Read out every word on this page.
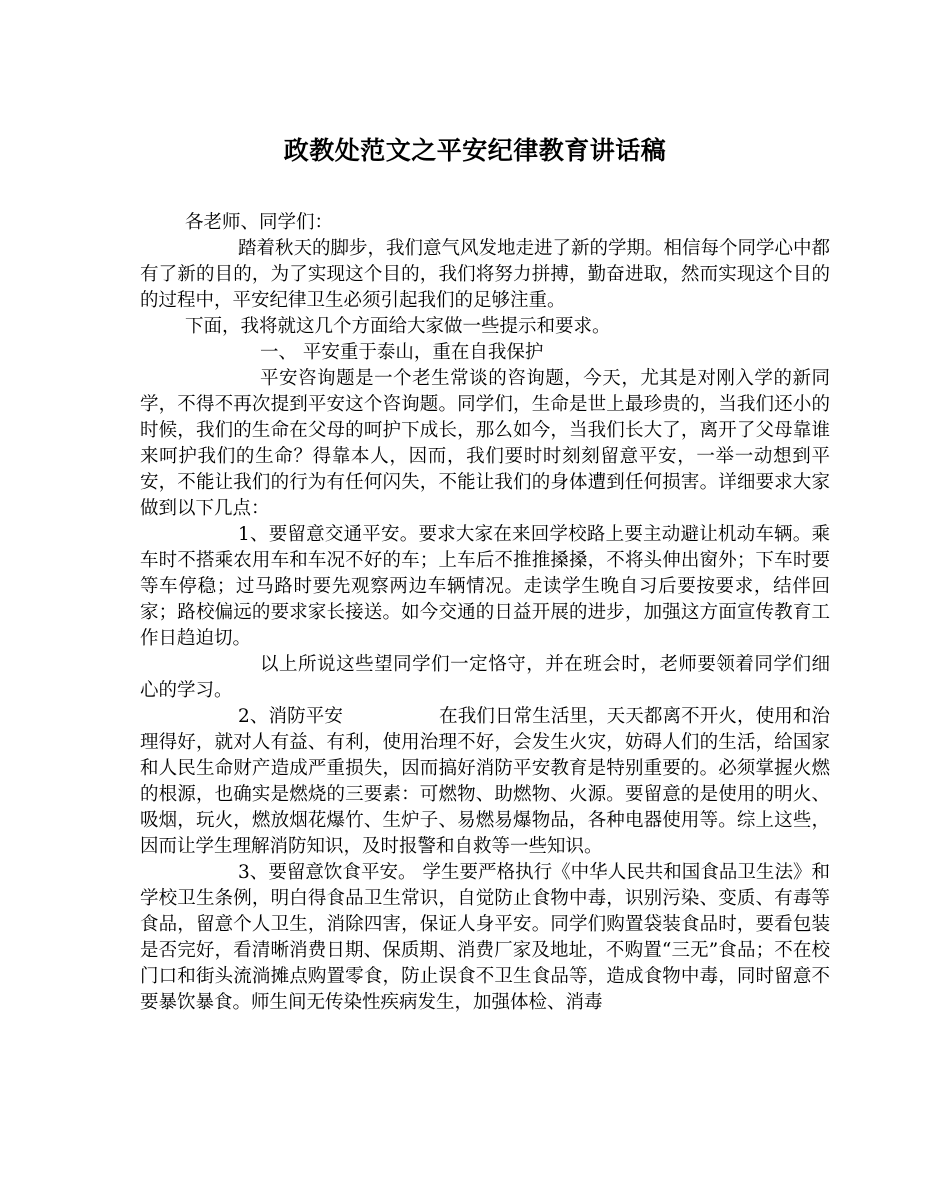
政教处范文之平安纪律教育讲话稿

各老师、同学们：

踏着秋天的脚步，我们意气风发地走进了新的学期。相信每个同学心中都有了新的目的，为了实现这个目的，我们将努力拼搏，勤奋进取，然而实现这个目的的过程中，平安纪律卫生必须引起我们的足够注重。

下面，我将就这几个方面给大家做一些提示和要求。

一、 平安重于泰山，重在自我保护

平安咨询题是一个老生常谈的咨询题，今天，尤其是对刚入学的新同学，不得不再次提到平安这个咨询题。同学们，生命是世上最珍贵的，当我们还小的时候，我们的生命在父母的呵护下成长，那么如今，当我们长大了，离开了父母靠谁来呵护我们的生命？得靠本人，因而，我们要时时刻刻留意平安，一举一动想到平安，不能让我们的行为有任何闪失，不能让我们的身体遭到任何损害。详细要求大家做到以下几点：

1、要留意交通平安。要求大家在来回学校路上要主动避让机动车辆。乘车时不搭乘农用车和车况不好的车；上车后不推推搡搡，不将头伸出窗外；下车时要等车停稳；过马路时要先观察两边车辆情况。走读学生晚自习后要按要求，结伴回家；路校偏远的要求家长接送。如今交通的日益开展的进步，加强这方面宣传教育工作日趋迫切。

以上所说这些望同学们一定恪守，并在班会时，老师要领着同学们细心的学习。

2、消防平安	在我们日常生活里，天天都离不开火，使用和治理得好，就对人有益、有利，使用治理不好，会发生火灾，妨碍人们的生活，给国家和人民生命财产造成严重损失，因而搞好消防平安教育是特别重要的。必须掌握火燃的根源，也确实是燃烧的三要素：可燃物、助燃物、火源。要留意的是使用的明火、吸烟，玩火，燃放烟花爆竹、生炉子、易燃易爆物品，各种电器使用等。综上这些，因而让学生理解消防知识，及时报警和自救等一些知识。

3、要留意饮食平安。 学生要严格执行《中华人民共和国食品卫生法》和学校卫生条例，明白得食品卫生常识，自觉防止食物中毒，识别污染、变质、有毒等食品，留意个人卫生，消除四害，保证人身平安。同学们购置袋装食品时，要看包装是否完好，看清晰消费日期、保质期、消费厂家及地址，不购置“三无”食品；不在校门口和街头流淌摊点购置零食，防止误食不卫生食品等，造成食物中毒，同时留意不要暴饮暴食。师生间无传染性疾病发生，加强体检、消毒
